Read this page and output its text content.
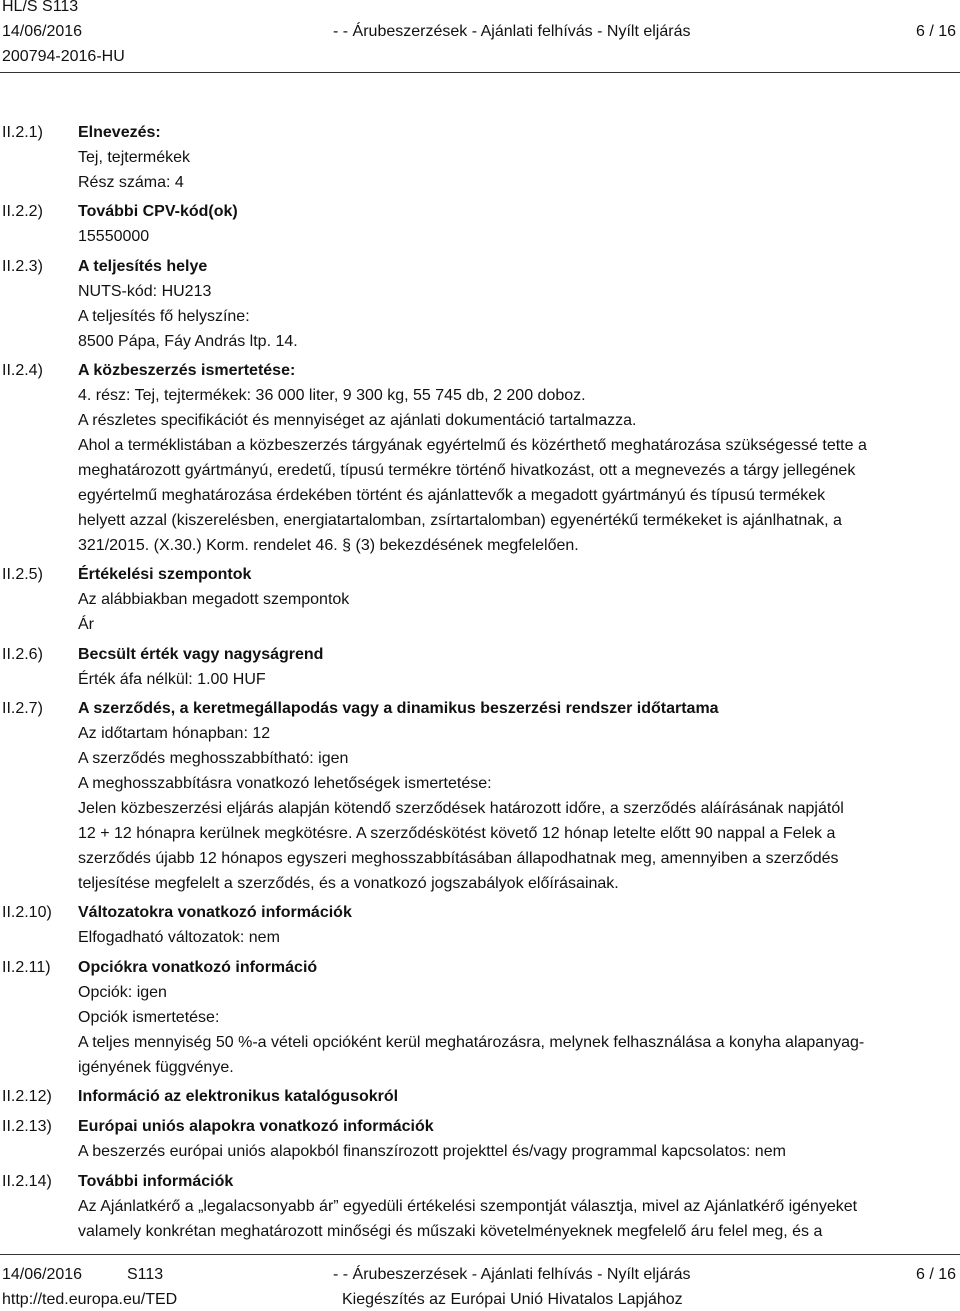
HL/S S113
14/06/2016
200794-2016-HU
- - Árubeszerzések - Ajánlati felhívás - Nyílt eljárás	6 / 16
II.2.1) Elnevezés:
Tej, tejtermékek
Rész száma: 4
II.2.2) További CPV-kód(ok)
15550000
II.2.3) A teljesítés helye
NUTS-kód: HU213
A teljesítés fő helyszíne:
8500 Pápa, Fáy András ltp. 14.
II.2.4) A közbeszerzés ismertetése:
4. rész: Tej, tejtermékek: 36 000 liter, 9 300 kg, 55 745 db, 2 200 doboz.
A részletes specifikációt és mennyiséget az ajánlati dokumentáció tartalmazza.
Ahol a terméklistában a közbeszerzés tárgyának egyértelmű és közérthető meghatározása szükségessé tette a
meghatározott gyártmányú, eredetű, típusú termékre történő hivatkozást, ott a megnevezés a tárgy jellegének
egyértelmű meghatározása érdekében történt és ajánlattevők a megadott gyártmányú és típusú termékek
helyett azzal (kiszerelésben, energiatartalomban, zsírtartalomban) egyenértékű termékeket is ajánlhatnak, a
321/2015. (X.30.) Korm. rendelet 46. § (3) bekezdésének megfelelően.
II.2.5) Értékelési szempontok
Az alábbiakban megadott szempontok
Ár
II.2.6) Becsült érték vagy nagyságrend
Érték áfa nélkül: 1.00 HUF
II.2.7) A szerződés, a keretmegállapodás vagy a dinamikus beszerzési rendszer időtartama
Az időtartam hónapban: 12
A szerződés meghosszabbítható: igen
A meghosszabbításra vonatkozó lehetőségek ismertetése:
Jelen közbeszerzési eljárás alapján kötendő szerződések határozott időre, a szerződés aláírásának napjától
12 + 12 hónapra kerülnek megkötésre. A szerződéskötést követő 12 hónap letelte előtt 90 nappal a Felek a
szerződés újabb 12 hónapos egyszeri meghosszabbításában állapodhatnak meg, amennyiben a szerződés
teljesítése megfelelt a szerződés, és a vonatkozó jogszabályok előírásainak.
II.2.10) Változatokra vonatkozó információk
Elfogadható változatok: nem
II.2.11) Opciókra vonatkozó információ
Opciók: igen
Opciók ismertetése:
A teljes mennyiség 50 %-a vételi opcióként kerül meghatározásra, melynek felhasználása a konyha alapanyag-
igényének függvénye.
II.2.12) Információ az elektronikus katalógusokról
II.2.13) Európai uniós alapokra vonatkozó információk
A beszerzés európai uniós alapokból finanszírozott projekttel és/vagy programmal kapcsolatos: nem
II.2.14) További információk
Az Ajánlatkérő a „legalacsonyabb ár” egyedüli értékelési szempontját választja, mivel az Ajánlatkérő igényeket
valamely konkrétan meghatározott minőségi és műszaki követelményeknek megfelelő áru felel meg, és a
14/06/2016	S113
http://ted.europa.eu/TED
- - Árubeszerzések - Ajánlati felhívás - Nyílt eljárás
Kiegészítés az Európai Unió Hivatalos Lapjához
6 / 16
